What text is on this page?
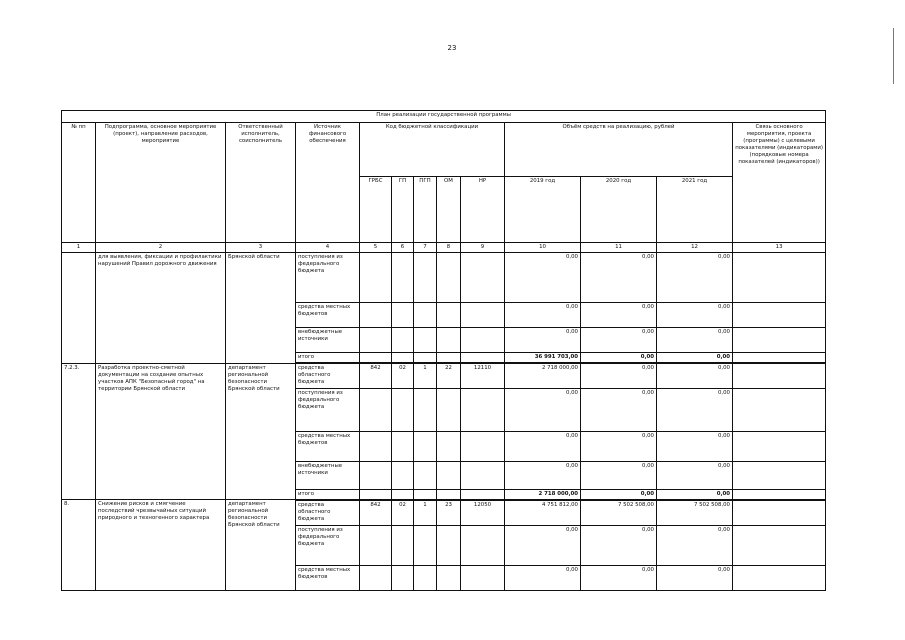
23
План реализации государственной программы												
№ пп	Подпрограмма, основное мероприятие (проект), направление расходов, мероприятие	Ответственный исполнитель, соисполнитель	Источник финансового обеспечения	Код бюджетной классификации					Объём средств на реализацию, рублей			Связь основного мероприятия, проекта (программы) с целевыми показателями (индикаторами) (порядковые номера показателей (индикаторов))
				ГРБС	ГП	ПГП	ОМ	НР	2019 год	2020 год	2021 год	
1	2	3	4	5	6	7	8	9	10	11	12	13
	для выявления, фиксации и профилактики нарушений Правил дорожного движения	Брянской области	поступления из федерального бюджета						0,00	0,00	0,00	
			средства местных бюджетов						0,00	0,00	0,00	
			внебюджетные источники						0,00	0,00	0,00	
			итого						36 991 703,00	0,00	0,00	
7.2.3.	Разработка проектно-сметной документации на создание опытных участков АПК "Безопасный город" на территории Брянской области	департамент региональной безопасности Брянской области	средства областного бюджета	842	02	1	22	12110	2 718 000,00	0,00	0,00	
			поступления из федерального бюджета						0,00	0,00	0,00	
			средства местных бюджетов						0,00	0,00	0,00	
			внебюджетные источники						0,00	0,00	0,00	
			итого						2 718 000,00	0,00	0,00	
8.	Снижение рисков и смягчение последствий чрезвычайных ситуаций природного и техногенного характера	департамент региональной безопасности Брянской области	средства областного бюджета	842	02	1	23	12050	4 751 812,00	7 502 508,00	7 502 508,00	
			поступления из федерального бюджета						0,00	0,00	0,00	
			средства местных бюджетов						0,00	0,00	0,00	
